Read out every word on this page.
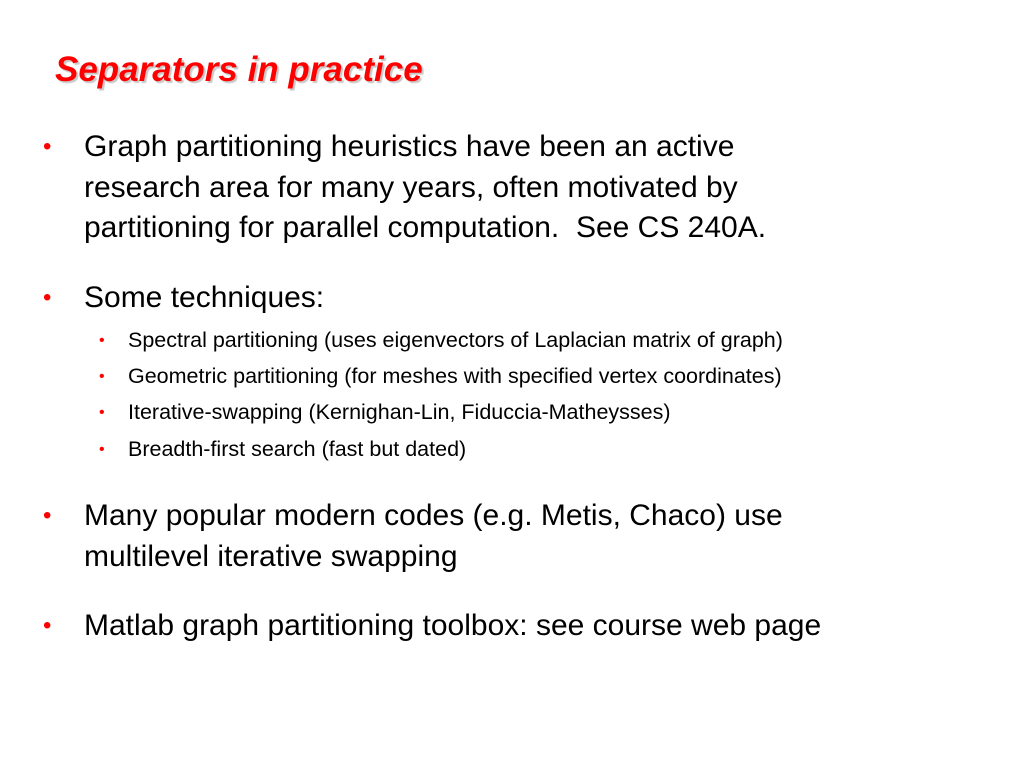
Separators in practice
• Graph partitioning heuristics have been an active
research area for many years, often motivated by
partitioning for parallel computation.  See CS 240A.
• Some techniques:
• Spectral partitioning (uses eigenvectors of Laplacian matrix of graph)
• Geometric partitioning (for meshes with specified vertex coordinates)
• Iterative-swapping (Kernighan-Lin, Fiduccia-Matheysses)
• Breadth-first search (fast but dated)
• Many popular modern codes (e.g. Metis, Chaco) use
multilevel iterative swapping
• Matlab graph partitioning toolbox: see course web page
